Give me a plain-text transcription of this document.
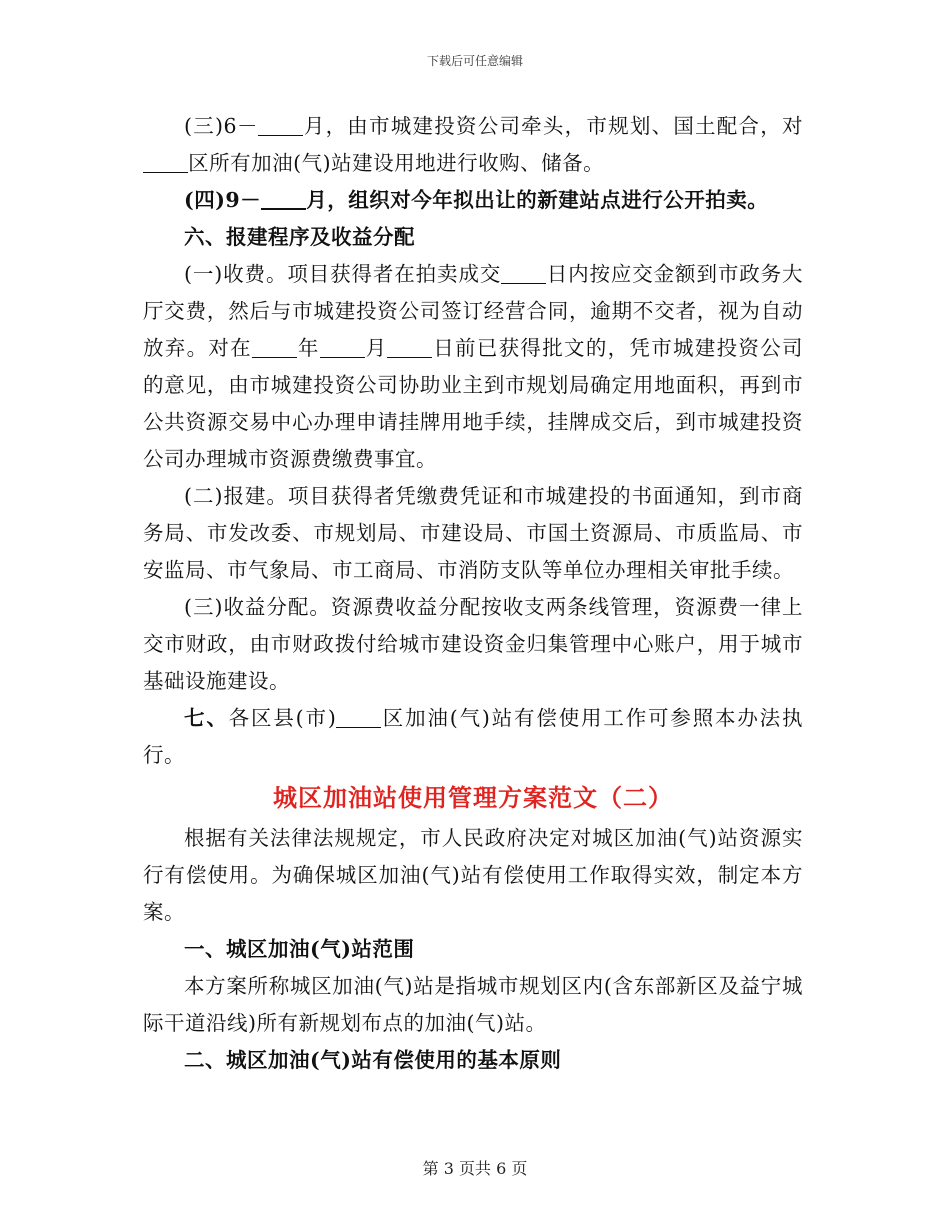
下载后可任意编辑

(三)6－ 月，由市城建投资公司牵头，市规划、国土配合，对区所有加油(气)站建设用地进行收购、储备。

(四)9－ 月，组织对今年拟出让的新建站点进行公开拍卖。

六、报建程序及收益分配

(一)收费。项目获得者在拍卖成交 日内按应交金额到市政务大厅交费，然后与市城建投资公司签订经营合同，逾期不交者，视为自动放弃。对在 年 月 日前已获得批文的，凭市城建投资公司的意见，由市城建投资公司协助业主到市规划局确定用地面积，再到市公共资源交易中心办理申请挂牌用地手续，挂牌成交后，到市城建投资公司办理城市资源费缴费事宜。

(二)报建。项目获得者凭缴费凭证和市城建投的书面通知，到市商务局、市发改委、市规划局、市建设局、市国土资源局、市质监局、市安监局、市气象局、市工商局、市消防支队等单位办理相关审批手续。

(三)收益分配。资源费收益分配按收支两条线管理，资源费一律上交市财政，由市财政拨付给城市建设资金归集管理中心账户，用于城市基础设施建设。

七、各区县(市) 区加油(气)站有偿使用工作可参照本办法执行。

城区加油站使用管理方案范文（二）

根据有关法律法规规定，市人民政府决定对城区加油(气)站资源实行有偿使用。为确保城区加油(气)站有偿使用工作取得实效，制定本方案。

一、城区加油(气)站范围

本方案所称城区加油(气)站是指城市规划区内(含东部新区及益宁城际干道沿线)所有新规划布点的加油(气)站。

二、城区加油(气)站有偿使用的基本原则

第 3 页共 6 页
